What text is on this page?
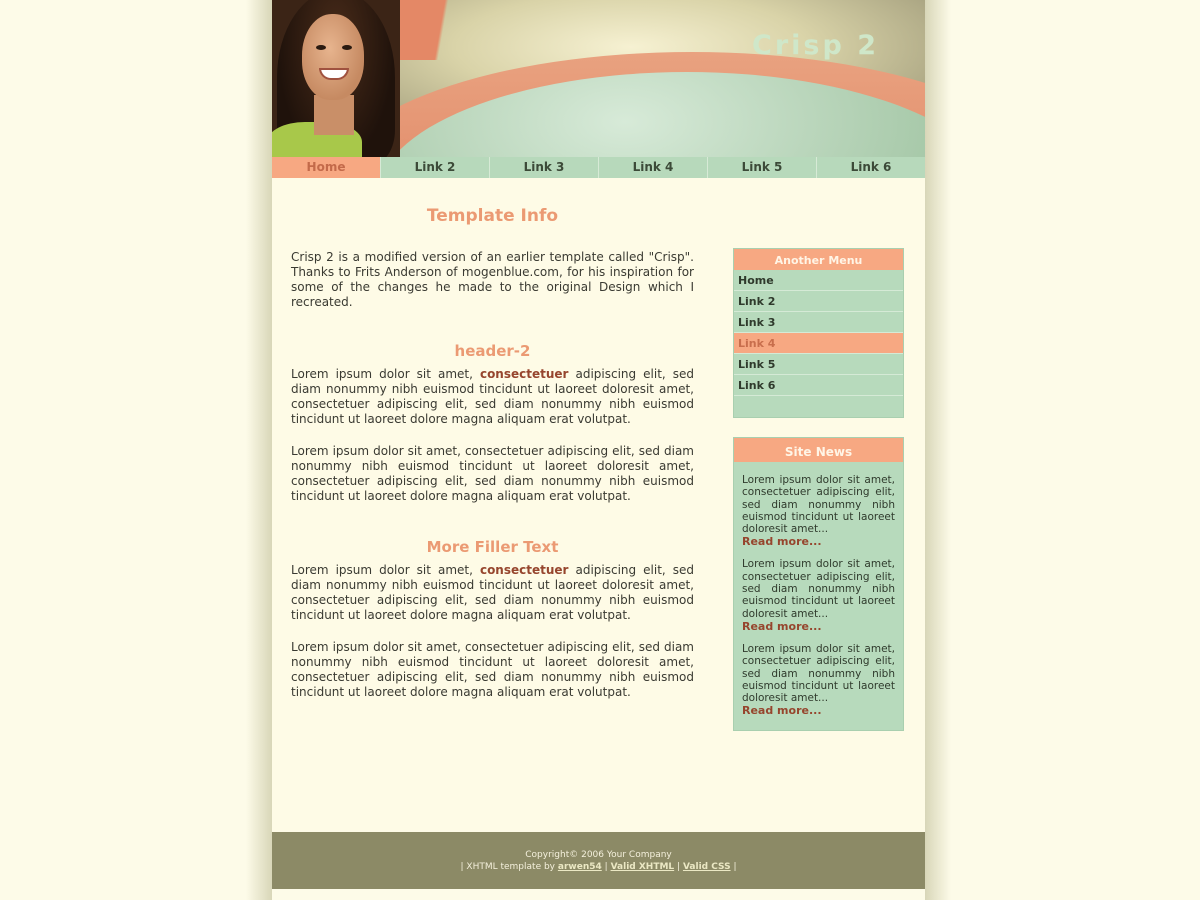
Crisp 2
Home	Link 2	Link 3	Link 4	Link 5	Link 6
Template Info

Crisp 2 is a modified version of an earlier template called "Crisp". Thanks to Frits Anderson of mogenblue.com, for his inspiration for some of the changes he made to the original Design which I recreated.

header-2

Lorem ipsum dolor sit amet, consectetuer adipiscing elit, sed diam nonummy nibh euismod tincidunt ut laoreet doloresit amet, consectetuer adipiscing elit, sed diam nonummy nibh euismod tincidunt ut laoreet dolore magna aliquam erat volutpat.

Lorem ipsum dolor sit amet, consectetuer adipiscing elit, sed diam nonummy nibh euismod tincidunt ut laoreet doloresit amet, consectetuer adipiscing elit, sed diam nonummy nibh euismod tincidunt ut laoreet dolore magna aliquam erat volutpat.

More Filler Text

Lorem ipsum dolor sit amet, consectetuer adipiscing elit, sed diam nonummy nibh euismod tincidunt ut laoreet doloresit amet, consectetuer adipiscing elit, sed diam nonummy nibh euismod tincidunt ut laoreet dolore magna aliquam erat volutpat.

Lorem ipsum dolor sit amet, consectetuer adipiscing elit, sed diam nonummy nibh euismod tincidunt ut laoreet doloresit amet, consectetuer adipiscing elit, sed diam nonummy nibh euismod tincidunt ut laoreet dolore magna aliquam erat volutpat.

Another Menu
Home
Link 2
Link 3
Link 4
Link 5
Link 6
Site News

Lorem ipsum dolor sit amet, consectetuer adipiscing elit, sed diam nonummy nibh euismod tincidunt ut laoreet doloresit amet...

Read more...

Lorem ipsum dolor sit amet, consectetuer adipiscing elit, sed diam nonummy nibh euismod tincidunt ut laoreet doloresit amet...

Read more...

Lorem ipsum dolor sit amet, consectetuer adipiscing elit, sed diam nonummy nibh euismod tincidunt ut laoreet doloresit amet...

Read more...
Copyright© 2006 Your Company
| XHTML template by arwen54 | Valid XHTML | Valid CSS |
